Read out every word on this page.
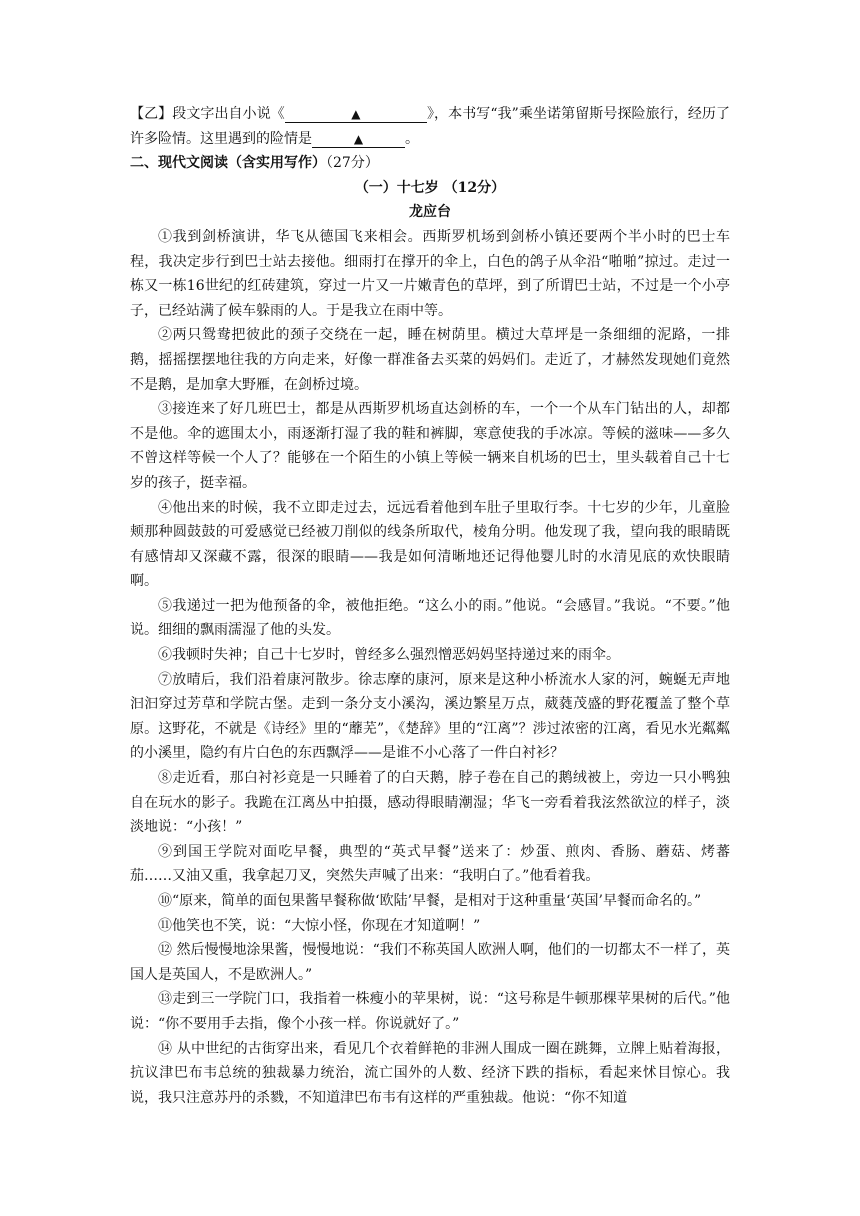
【乙】段文字出自小说《	▲	》，本书写“我”乘坐诺第留斯号探险旅行，经历了许多险情。这里遇到的险情是	▲	。
二、现代文阅读（含实用写作）（27分）
（一）十七岁 （12分）
龙应台

①我到剑桥演讲，华飞从德国飞来相会。西斯罗机场到剑桥小镇还要两个半小时的巴士车程，我决定步行到巴士站去接他。细雨打在撑开的伞上，白色的鸽子从伞沿“啪啪”掠过。走过一栋又一栋16世纪的红砖建筑，穿过一片又一片嫩青色的草坪，到了所谓巴士站，不过是一个小亭子，已经站满了候车躲雨的人。于是我立在雨中等。

②两只鸳鸯把彼此的颈子交绕在一起，睡在树荫里。横过大草坪是一条细细的泥路，一排鹅，摇摇摆摆地往我的方向走来，好像一群准备去买菜的妈妈们。走近了，才赫然发现她们竟然不是鹅，是加拿大野雁，在剑桥过境。

③接连来了好几班巴士，都是从西斯罗机场直达剑桥的车，一个一个从车门钻出的人，却都不是他。伞的遮围太小，雨逐渐打湿了我的鞋和裤脚，寒意使我的手冰凉。等候的滋味——多久不曾这样等候一个人了？能够在一个陌生的小镇上等候一辆来自机场的巴士，里头载着自己十七岁的孩子，挺幸福。

④他出来的时候，我不立即走过去，远远看着他到车肚子里取行李。十七岁的少年，儿童脸颊那种圆鼓鼓的可爱感觉已经被刀削似的线条所取代，棱角分明。他发现了我，望向我的眼睛既有感情却又深藏不露，很深的眼睛——我是如何清晰地还记得他婴儿时的水清见底的欢快眼睛啊。

⑤我递过一把为他预备的伞，被他拒绝。“这么小的雨。”他说。“会感冒。”我说。“不要。”他说。细细的飘雨濡湿了他的头发。

⑥我顿时失神；自己十七岁时，曾经多么强烈憎恶妈妈坚持递过来的雨伞。

⑦放晴后，我们沿着康河散步。徐志摩的康河，原来是这种小桥流水人家的河，蜿蜒无声地汩汩穿过芳草和学院古堡。走到一条分支小溪沟，溪边繁星万点，葳蕤茂盛的野花覆盖了整个草原。这野花，不就是《诗经》里的“蘼芜”，《楚辞》里的“江离”？涉过浓密的江离，看见水光粼粼的小溪里，隐约有片白色的东西飘浮——是谁不小心落了一件白衬衫？

⑧走近看，那白衬衫竟是一只睡着了的白天鹅，脖子卷在自己的鹅绒被上，旁边一只小鸭独自在玩水的影子。我跪在江离丛中拍摄，感动得眼睛潮湿；华飞一旁看着我泫然欲泣的样子，淡淡地说：“小孩！”

⑨到国王学院对面吃早餐，典型的“英式早餐”送来了：炒蛋、煎肉、香肠、蘑菇、烤蕃茄……又油又重，我拿起刀叉，突然失声喊了出来：“我明白了。”他看着我。

⑩“原来，简单的面包果酱早餐称做‘欧陆’早餐，是相对于这种重量‘英国’早餐而命名的。”

⑪他笑也不笑，说：“大惊小怪，你现在才知道啊！”

⑫ 然后慢慢地涂果酱，慢慢地说：“我们不称英国人欧洲人啊，他们的一切都太不一样了，英国人是英国人，不是欧洲人。”

⑬走到三一学院门口，我指着一株瘦小的苹果树，说：“这号称是牛顿那棵苹果树的后代。”他说：“你不要用手去指，像个小孩一样。你说就好了。”

⑭ 从中世纪的古街穿出来，看见几个衣着鲜艳的非洲人围成一圈在跳舞，立牌上贴着海报，抗议津巴布韦总统的独裁暴力统治，流亡国外的人数、经济下跌的指标，看起来怵目惊心。我说，我只注意苏丹的杀戮，不知道津巴布韦有这样的严重独裁。他说：“你不知道
